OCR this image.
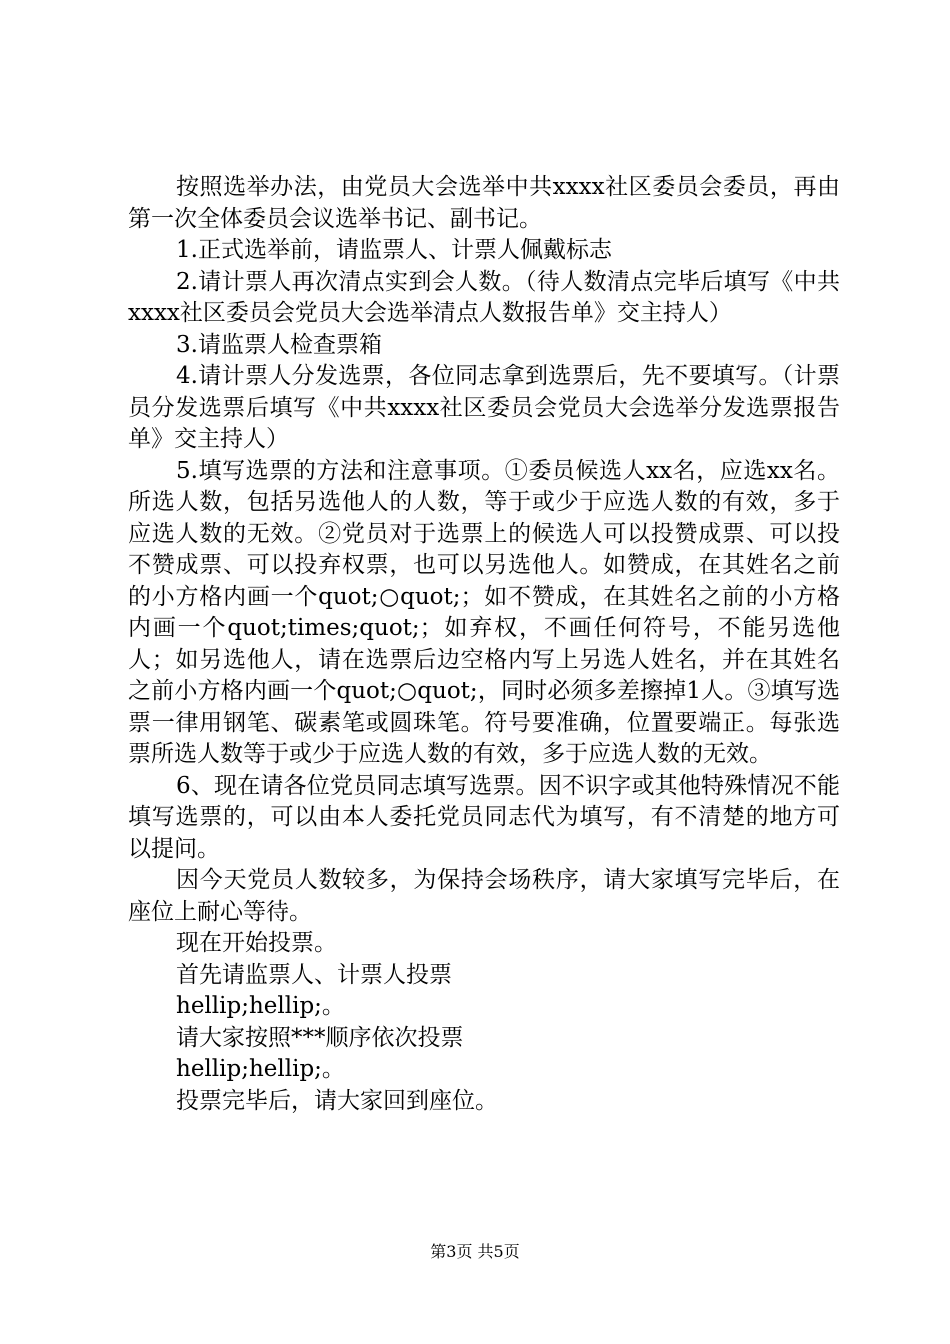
按照选举办法，由党员大会选举中共xxxx社区委员会委员，再由第一次全体委员会议选举书记、副书记。

1.正式选举前，请监票人、计票人佩戴标志

2.请计票人再次清点实到会人数。（待人数清点完毕后填写《中共xxxx社区委员会党员大会选举清点人数报告单》交主持人）

3.请监票人检查票箱

4.请计票人分发选票，各位同志拿到选票后，先不要填写。（计票员分发选票后填写《中共xxxx社区委员会党员大会选举分发选票报告单》交主持人）

5.填写选票的方法和注意事项。①委员候选人xx名，应选xx名。所选人数，包括另选他人的人数，等于或少于应选人数的有效，多于应选人数的无效。②党员对于选票上的候选人可以投赞成票、可以投不赞成票、可以投弃权票，也可以另选他人。如赞成，在其姓名之前的小方格内画一个quot;○quot;；如不赞成，在其姓名之前的小方格内画一个quot;times;quot;；如弃权，不画任何符号，不能另选他人；如另选他人，请在选票后边空格内写上另选人姓名，并在其姓名之前小方格内画一个quot;○quot;，同时必须多差擦掉1人。③填写选票一律用钢笔、碳素笔或圆珠笔。符号要准确，位置要端正。每张选票所选人数等于或少于应选人数的有效，多于应选人数的无效。

6、现在请各位党员同志填写选票。因不识字或其他特殊情况不能填写选票的，可以由本人委托党员同志代为填写，有不清楚的地方可以提问。

因今天党员人数较多，为保持会场秩序，请大家填写完毕后，在座位上耐心等待。

现在开始投票。

首先请监票人、计票人投票

hellip;hellip;。

请大家按照***顺序依次投票

hellip;hellip;。

投票完毕后，请大家回到座位。

第3页 共5页
